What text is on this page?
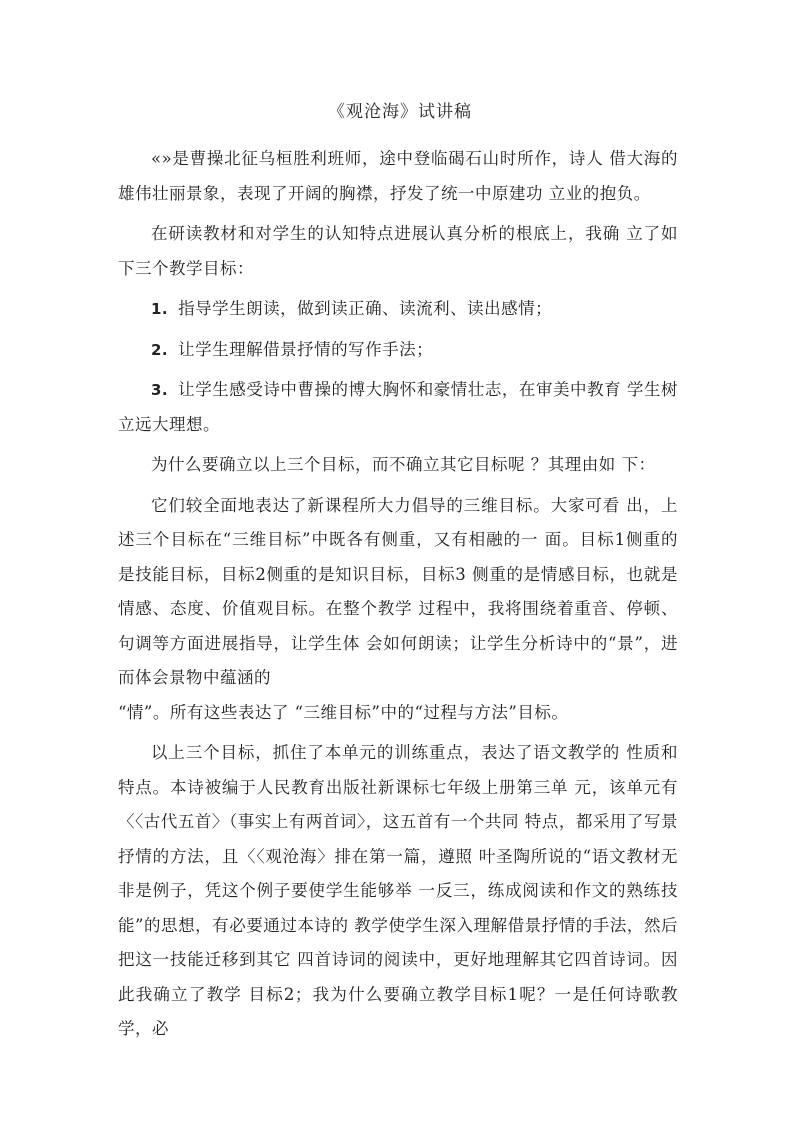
《观沧海》试讲稿

«»是曹操北征乌桓胜利班师，途中登临碣石山时所作，诗人 借大海的雄伟壮丽景象，表现了开阔的胸襟，抒发了统一中原建功 立业的抱负。

在研读教材和对学生的认知特点进展认真分析的根底上，我确 立了如下三个教学目标：

1. 指导学生朗读，做到读正确、读流利、读出感情；

2. 让学生理解借景抒情的写作手法；

3. 让学生感受诗中曹操的博大胸怀和豪情壮志，在审美中教育 学生树立远大理想。

为什么要确立以上三个目标，而不确立其它目标呢 ？其理由如 下：

它们较全面地表达了新课程所大力倡导的三维目标。大家可看 出，上述三个目标在“三维目标”中既各有侧重，又有相融的一 面。目标1侧重的是技能目标，目标2侧重的是知识目标，目标3 侧重的是情感目标，也就是情感、态度、价值观目标。在整个教学 过程中，我将围绕着重音、停顿、句调等方面进展指导，让学生体 会如何朗读；让学生分析诗中的“景”，进而体会景物中蕴涵的

“情”。所有这些表达了 “三维目标”中的“过程与方法”目标。

以上三个目标，抓住了本单元的训练重点，表达了语文教学的 性质和特点。本诗被编于人民教育出版社新课标七年级上册第三单 元，该单元有〈〈古代五首〉（事实上有两首词〉，这五首有一个共同 特点，都采用了写景抒情的方法，且〈〈观沧海〉排在第一篇，遵照 叶圣陶所说的“语文教材无非是例子，凭这个例子要使学生能够举 一反三，练成阅读和作文的熟练技能”的思想，有必要通过本诗的 教学使学生深入理解借景抒情的手法，然后把这一技能迁移到其它 四首诗词的阅读中，更好地理解其它四首诗词。因此我确立了教学 目标2；我为什么要确立教学目标1呢？一是任何诗歌教学，必
